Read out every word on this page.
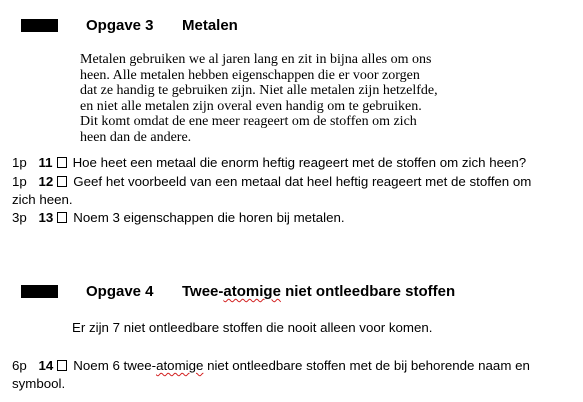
Opgave 3 Metalen
Metalen gebruiken we al jaren lang en zit in bijna alles om ons
heen. Alle metalen hebben eigenschappen die er voor zorgen
dat ze handig te gebruiken zijn. Niet alle metalen zijn hetzelfde,
en niet alle metalen zijn overal even handig om te gebruiken.
Dit komt omdat de ene meer reageert om de stoffen om zich
heen dan de andere.
1p 11 Hoe heet een metaal die enorm heftig reageert met de stoffen om zich heen?
1p 12 Geef het voorbeeld van een metaal dat heel heftig reageert met de stoffen om zich heen.
3p 13 Noem 3 eigenschappen die horen bij metalen.
Opgave 4 Twee-atomige niet ontleedbare stoffen
Er zijn 7 niet ontleedbare stoffen die nooit alleen voor komen.
6p 14 Noem 6 twee-atomige niet ontleedbare stoffen met de bij behorende naam en symbool.
